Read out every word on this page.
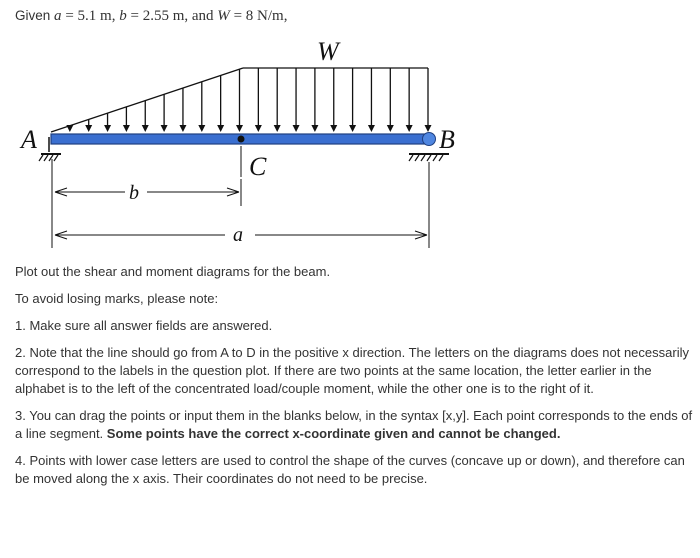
Given a = 5.1 m, b = 2.55 m, and W = 8 N/m,
W
A	B
C
b
a

Plot out the shear and moment diagrams for the beam.

To avoid losing marks, please note:

1. Make sure all answer fields are answered.

2. Note that the line should go from A to D in the positive x direction. The letters on the diagrams does not necessarily correspond to the labels in the question plot. If there are two points at the same location, the letter earlier in the alphabet is to the left of the concentrated load/couple moment, while the other one is to the right of it.

3. You can drag the points or input them in the blanks below, in the syntax [x,y]. Each point corresponds to the ends of a line segment. Some points have the correct x-coordinate given and cannot be changed.

4. Points with lower case letters are used to control the shape of the curves (concave up or down), and therefore can be moved along the x axis. Their coordinates do not need to be precise.
